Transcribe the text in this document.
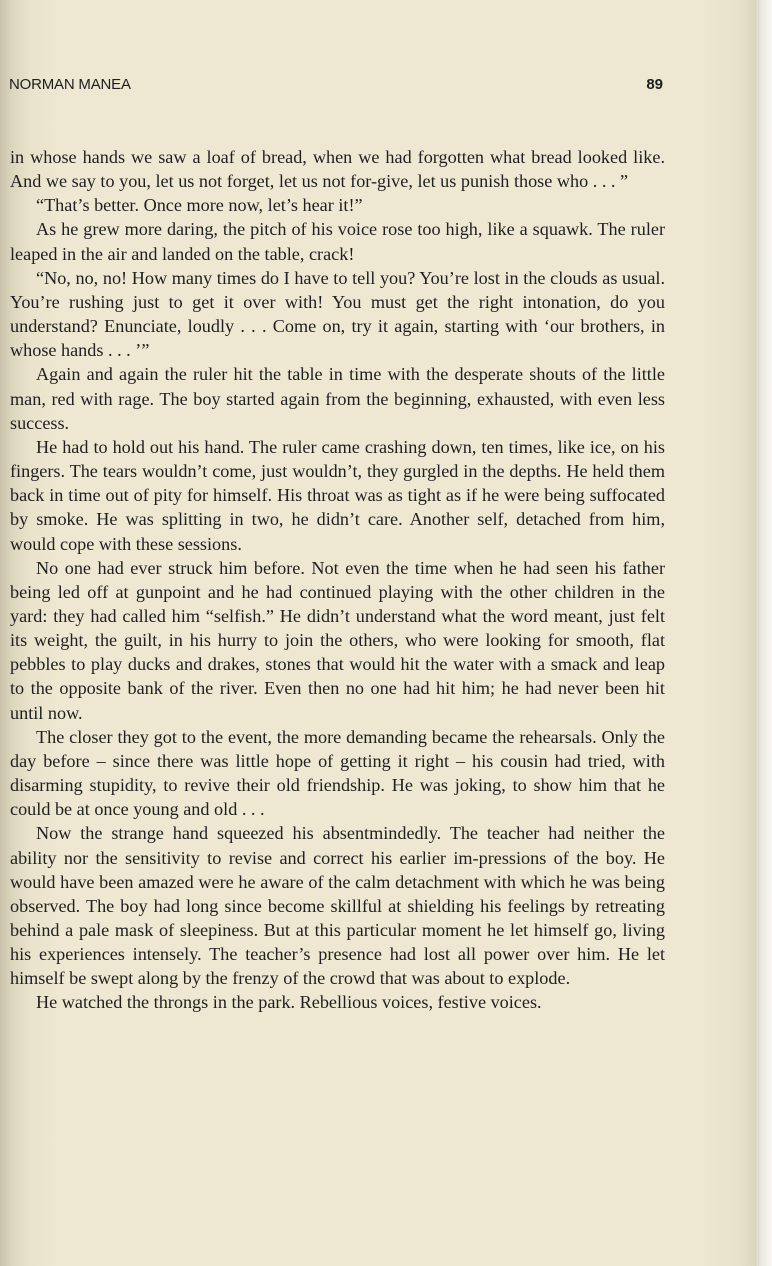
NORMAN MANEA	89

in whose hands we saw a loaf of bread, when we had forgotten what bread looked like. And we say to you, let us not forget, let us not for-give, let us punish those who . . . ”

“That’s better. Once more now, let’s hear it!”

As he grew more daring, the pitch of his voice rose too high, like a squawk. The ruler leaped in the air and landed on the table, crack!

“No, no, no! How many times do I have to tell you? You’re lost in the clouds as usual. You’re rushing just to get it over with! You must get the right intonation, do you understand? Enunciate, loudly . . . Come on, try it again, starting with ‘our brothers, in whose hands . . . ’”

Again and again the ruler hit the table in time with the desperate shouts of the little man, red with rage. The boy started again from the beginning, exhausted, with even less success.

He had to hold out his hand. The ruler came crashing down, ten times, like ice, on his fingers. The tears wouldn’t come, just wouldn’t, they gurgled in the depths. He held them back in time out of pity for himself. His throat was as tight as if he were being suffocated by smoke. He was splitting in two, he didn’t care. Another self, detached from him, would cope with these sessions.

No one had ever struck him before. Not even the time when he had seen his father being led off at gunpoint and he had continued playing with the other children in the yard: they had called him “selfish.” He didn’t understand what the word meant, just felt its weight, the guilt, in his hurry to join the others, who were looking for smooth, flat pebbles to play ducks and drakes, stones that would hit the water with a smack and leap to the opposite bank of the river. Even then no one had hit him; he had never been hit until now.

The closer they got to the event, the more demanding became the rehearsals. Only the day before – since there was little hope of getting it right – his cousin had tried, with disarming stupidity, to revive their old friendship. He was joking, to show him that he could be at once young and old . . .

Now the strange hand squeezed his absentmindedly. The teacher had neither the ability nor the sensitivity to revise and correct his earlier im-pressions of the boy. He would have been amazed were he aware of the calm detachment with which he was being observed. The boy had long since become skillful at shielding his feelings by retreating behind a pale mask of sleepiness. But at this particular moment he let himself go, living his experiences intensely. The teacher’s presence had lost all power over him. He let himself be swept along by the frenzy of the crowd that was about to explode.

He watched the throngs in the park. Rebellious voices, festive voices.
